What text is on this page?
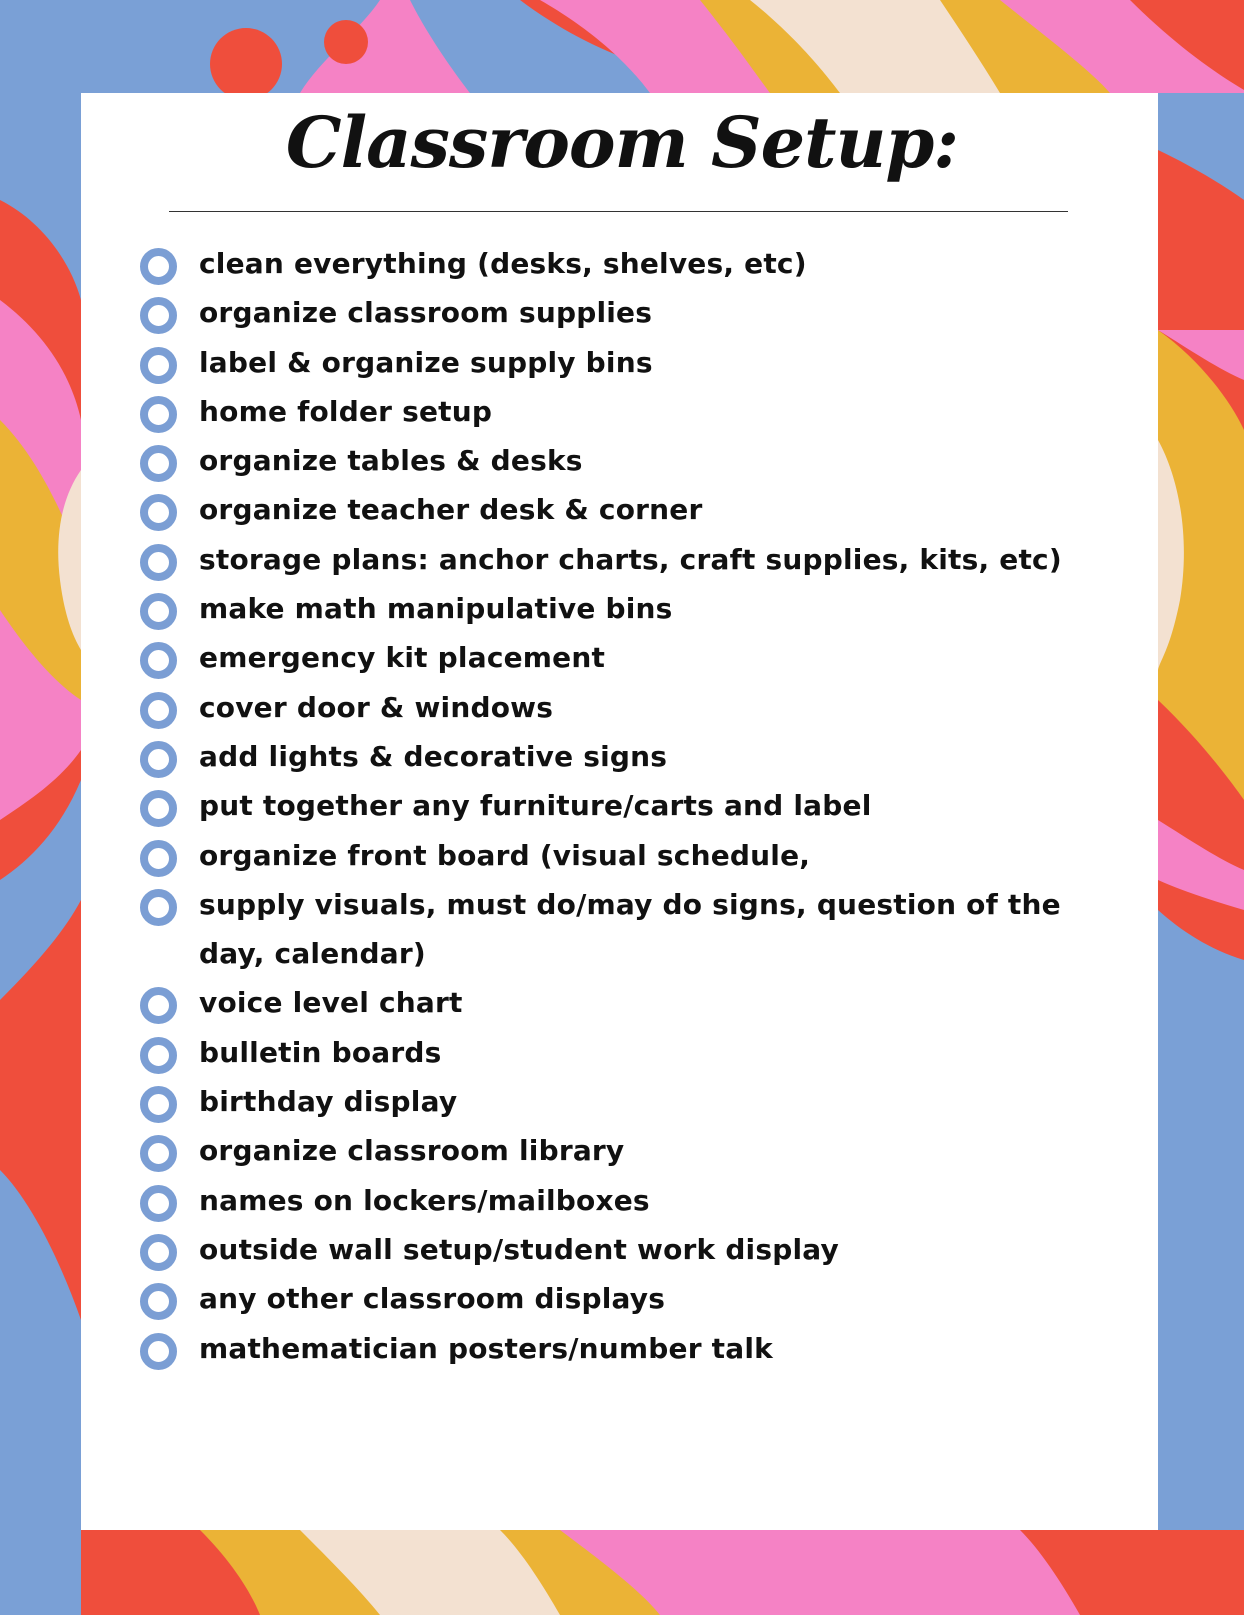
Classroom Setup:
clean everything (desks, shelves, etc)
organize classroom supplies
label & organize supply bins
home folder setup
organize tables & desks
organize teacher desk & corner
storage plans: anchor charts, craft supplies, kits, etc)
make math manipulative bins
emergency kit placement
cover door & windows
add lights & decorative signs
put together any furniture/carts and label
organize front board (visual schedule,
supply visuals, must do/may do signs, question of the
day, calendar)
voice level chart
bulletin boards
birthday display
organize classroom library
names on lockers/mailboxes
outside wall setup/student work display
any other classroom displays
mathematician posters/number talk
